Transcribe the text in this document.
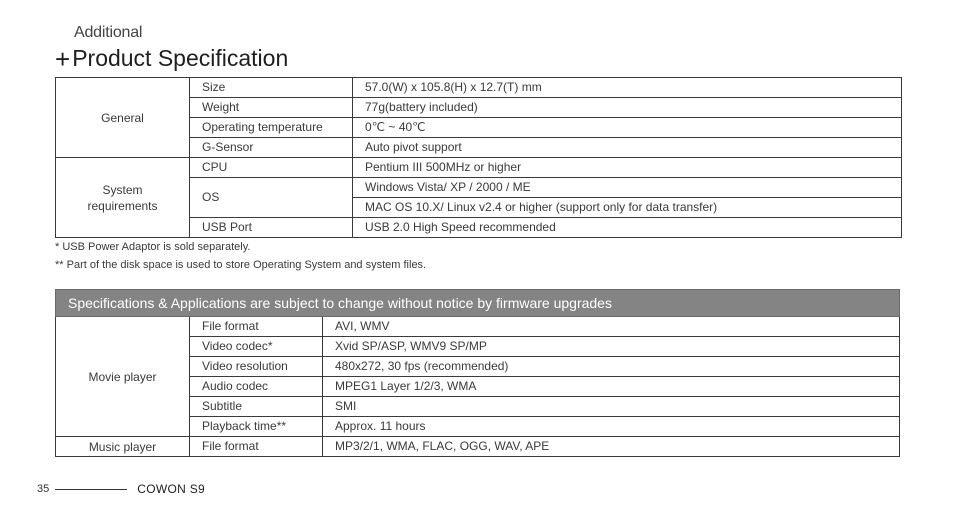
Additional
+ Product Specification
General	Size	57.0(W) x 105.8(H) x 12.7(T) mm
	Weight	77g(battery included)
	Operating temperature	0℃ ~ 40℃
	G-Sensor	Auto pivot support
System requirements	CPU	Pentium III 500MHz or higher
	OS	Windows Vista/ XP / 2000 / ME
		MAC OS 10.X/ Linux v2.4 or higher (support only for data transfer)
	USB Port	USB 2.0 High Speed recommended
* USB Power Adaptor is sold separately.
** Part of the disk space is used to store Operating System and system files.
Specifications & Applications are subject to change without notice by firmware upgrades		
Movie player	File format	AVI, WMV
	Video codec*	Xvid SP/ASP, WMV9 SP/MP
	Video resolution	480x272, 30 fps (recommended)
	Audio codec	MPEG1 Layer 1/2/3, WMA
	Subtitle	SMI
	Playback time**	Approx. 11 hours
Music player	File format	MP3/2/1, WMA, FLAC, OGG, WAV, APE
35	COWON S9
